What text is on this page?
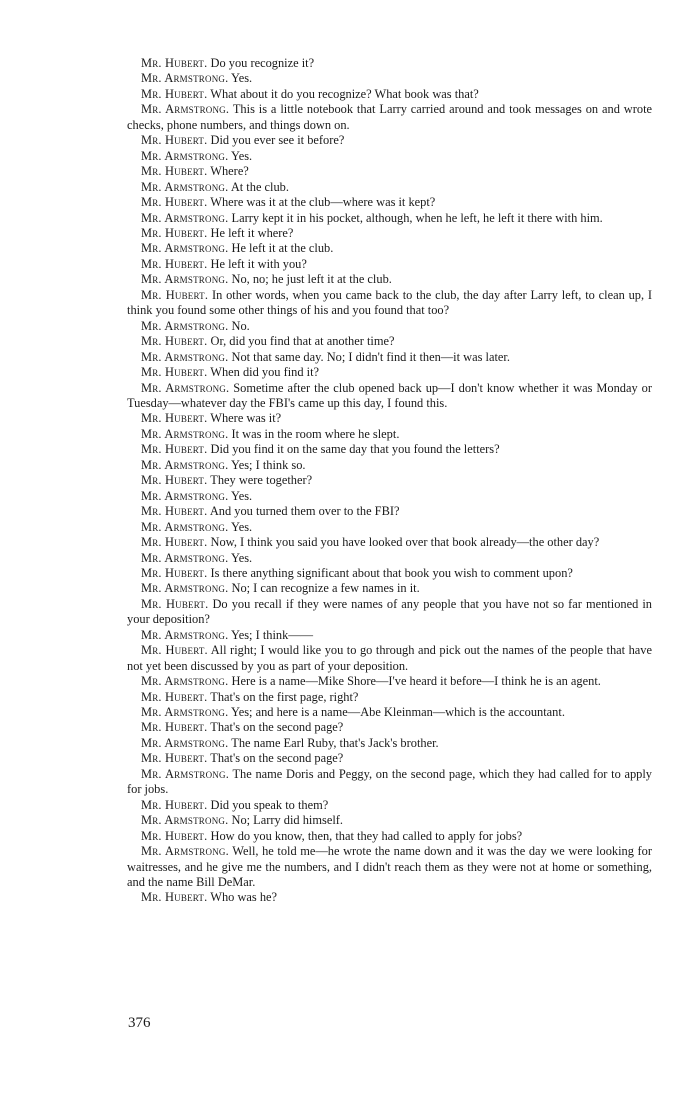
Mr. Hubert. Do you recognize it?

Mr. Armstrong. Yes.

Mr. Hubert. What about it do you recognize? What book was that?

Mr. Armstrong. This is a little notebook that Larry carried around and took messages on and wrote checks, phone numbers, and things down on.

Mr. Hubert. Did you ever see it before?

Mr. Armstrong. Yes.

Mr. Hubert. Where?

Mr. Armstrong. At the club.

Mr. Hubert. Where was it at the club—where was it kept?

Mr. Armstrong. Larry kept it in his pocket, although, when he left, he left it there with him.

Mr. Hubert. He left it where?

Mr. Armstrong. He left it at the club.

Mr. Hubert. He left it with you?

Mr. Armstrong. No, no; he just left it at the club.

Mr. Hubert. In other words, when you came back to the club, the day after Larry left, to clean up, I think you found some other things of his and you found that too?

Mr. Armstrong. No.

Mr. Hubert. Or, did you find that at another time?

Mr. Armstrong. Not that same day. No; I didn't find it then—it was later.

Mr. Hubert. When did you find it?

Mr. Armstrong. Sometime after the club opened back up—I don't know whether it was Monday or Tuesday—whatever day the FBI's came up this day, I found this.

Mr. Hubert. Where was it?

Mr. Armstrong. It was in the room where he slept.

Mr. Hubert. Did you find it on the same day that you found the letters?

Mr. Armstrong. Yes; I think so.

Mr. Hubert. They were together?

Mr. Armstrong. Yes.

Mr. Hubert. And you turned them over to the FBI?

Mr. Armstrong. Yes.

Mr. Hubert. Now, I think you said you have looked over that book already—the other day?

Mr. Armstrong. Yes.

Mr. Hubert. Is there anything significant about that book you wish to comment upon?

Mr. Armstrong. No; I can recognize a few names in it.

Mr. Hubert. Do you recall if they were names of any people that you have not so far mentioned in your deposition?

Mr. Armstrong. Yes; I think——

Mr. Hubert. All right; I would like you to go through and pick out the names of the people that have not yet been discussed by you as part of your deposition.

Mr. Armstrong. Here is a name—Mike Shore—I've heard it before—I think he is an agent.

Mr. Hubert. That's on the first page, right?

Mr. Armstrong. Yes; and here is a name—Abe Kleinman—which is the accountant.

Mr. Hubert. That's on the second page?

Mr. Armstrong. The name Earl Ruby, that's Jack's brother.

Mr. Hubert. That's on the second page?

Mr. Armstrong. The name Doris and Peggy, on the second page, which they had called for to apply for jobs.

Mr. Hubert. Did you speak to them?

Mr. Armstrong. No; Larry did himself.

Mr. Hubert. How do you know, then, that they had called to apply for jobs?

Mr. Armstrong. Well, he told me—he wrote the name down and it was the day we were looking for waitresses, and he give me the numbers, and I didn't reach them as they were not at home or something, and the name Bill DeMar.

Mr. Hubert. Who was he?

376
